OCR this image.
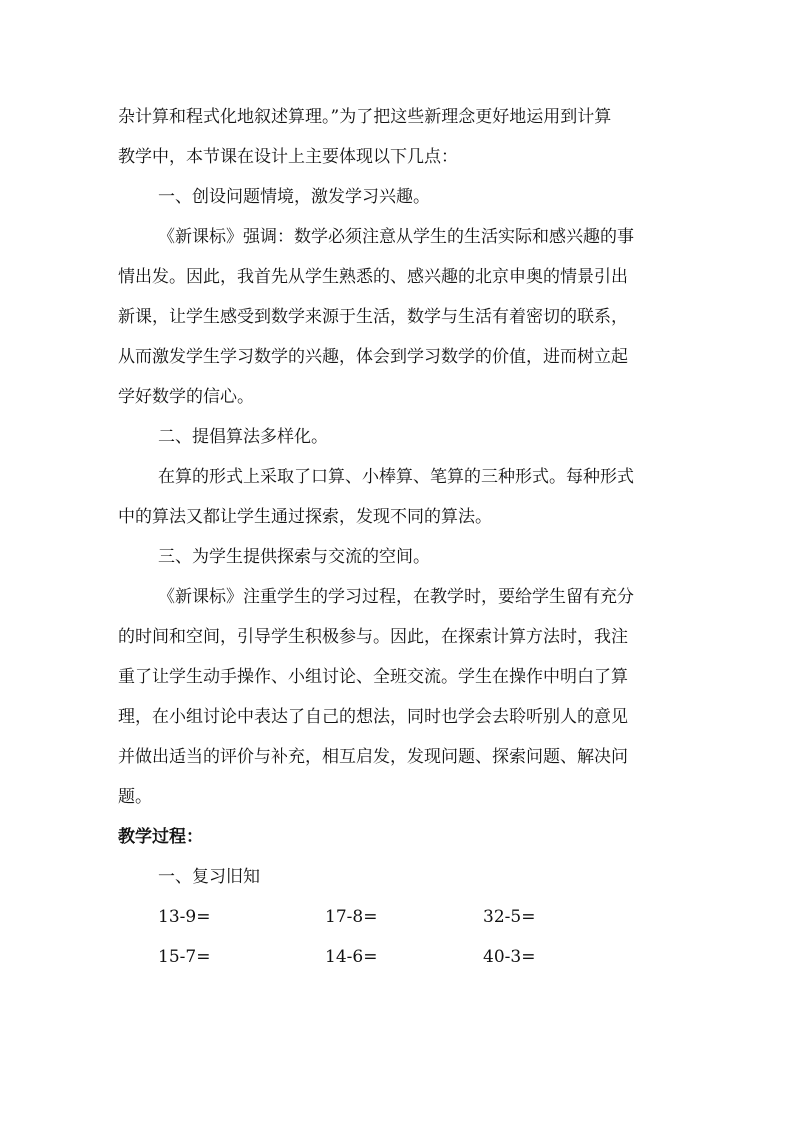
杂计算和程式化地叙述算理。”为了把这些新理念更好地运用到计算
教学中，本节课在设计上主要体现以下几点：
一、创设问题情境，激发学习兴趣。
《新课标》强调：数学必须注意从学生的生活实际和感兴趣的事
情出发。因此，我首先从学生熟悉的、感兴趣的北京申奥的情景引出
新课，让学生感受到数学来源于生活，数学与生活有着密切的联系，
从而激发学生学习数学的兴趣，体会到学习数学的价值，进而树立起
学好数学的信心。
二、提倡算法多样化。
在算的形式上采取了口算、小棒算、笔算的三种形式。每种形式
中的算法又都让学生通过探索，发现不同的算法。
三、为学生提供探索与交流的空间。
《新课标》注重学生的学习过程，在教学时，要给学生留有充分
的时间和空间，引导学生积极参与。因此，在探索计算方法时，我注
重了让学生动手操作、小组讨论、全班交流。学生在操作中明白了算
理，在小组讨论中表达了自己的想法，同时也学会去聆听别人的意见
并做出适当的评价与补充，相互启发，发现问题、探索问题、解决问
题。
教学过程：
一、复习旧知
13-9=	17-8=	32-5=
15-7=	14-6=	40-3=
